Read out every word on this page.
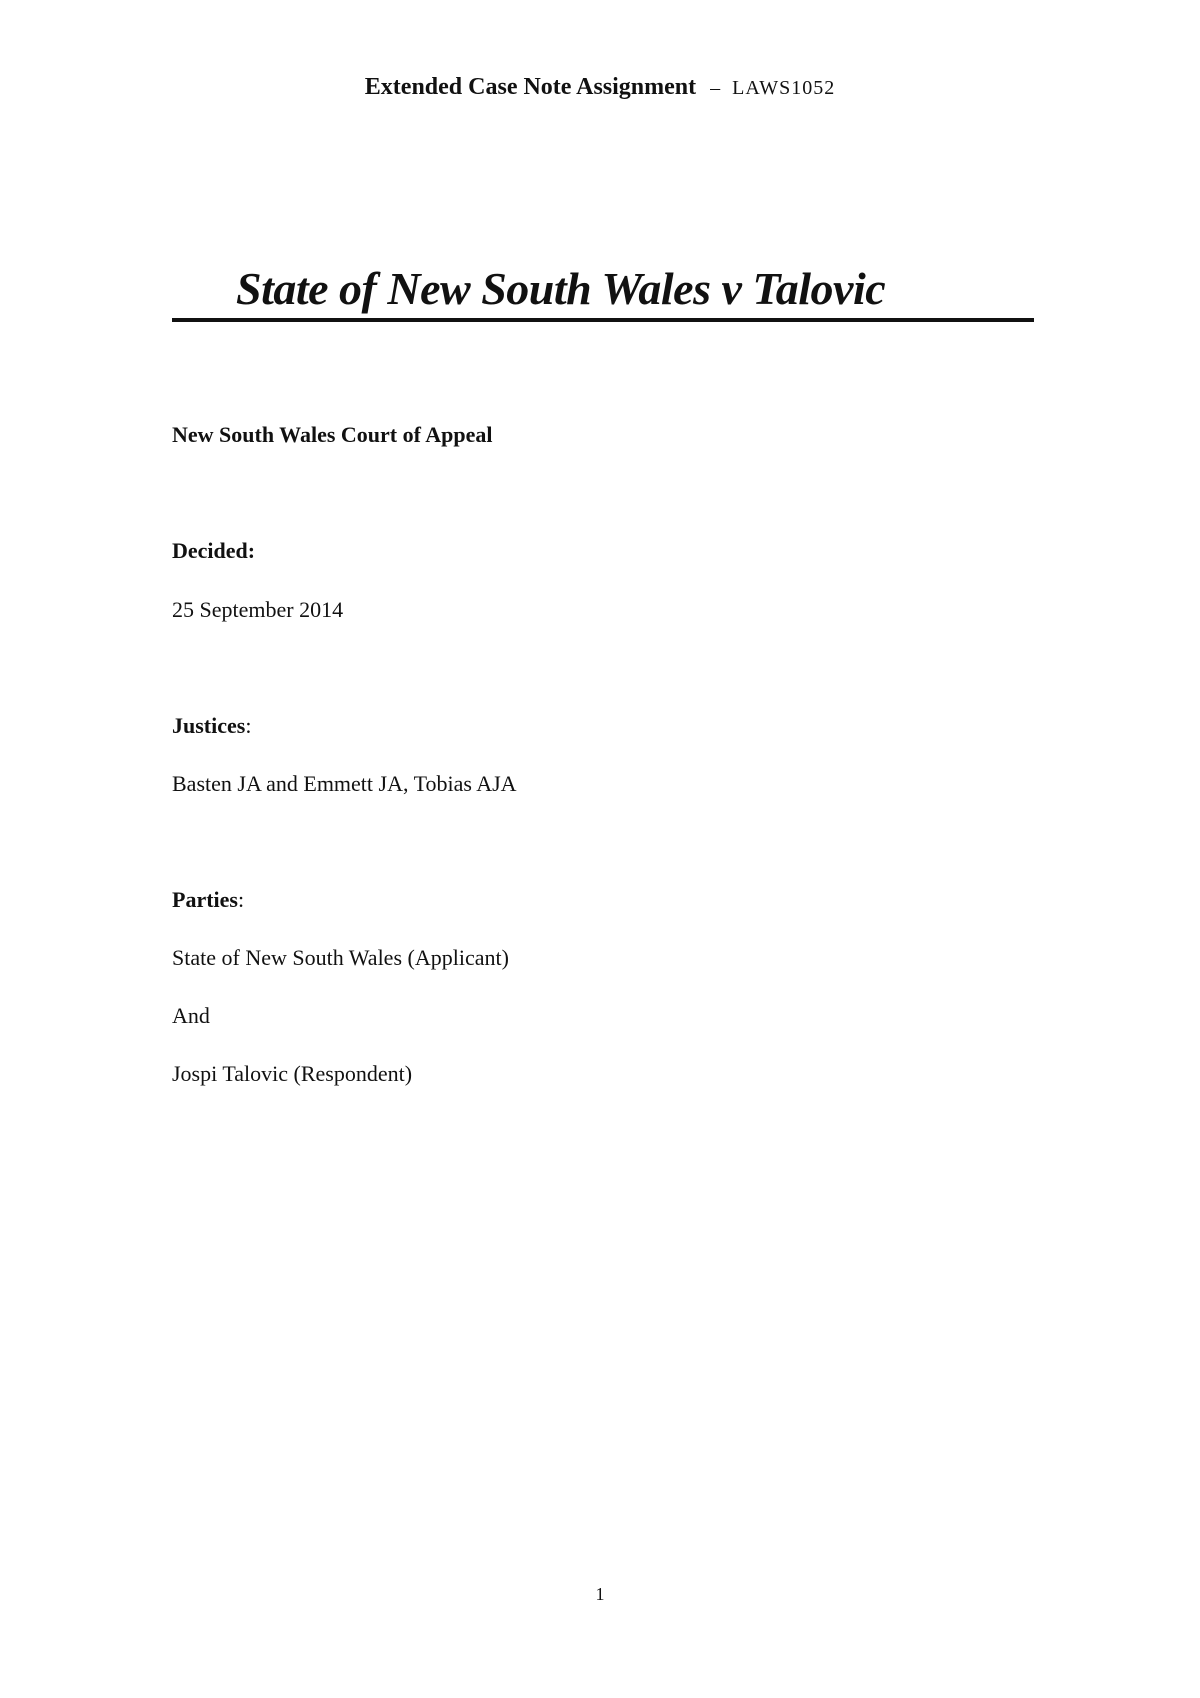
Extended Case Note Assignment – LAWS1052
State of New South Wales v Talovic
New South Wales Court of Appeal
Decided:
25 September 2014
Justices:
Basten JA and Emmett JA, Tobias AJA
Parties:
State of New South Wales (Applicant)
And
Jospi Talovic (Respondent)
1
